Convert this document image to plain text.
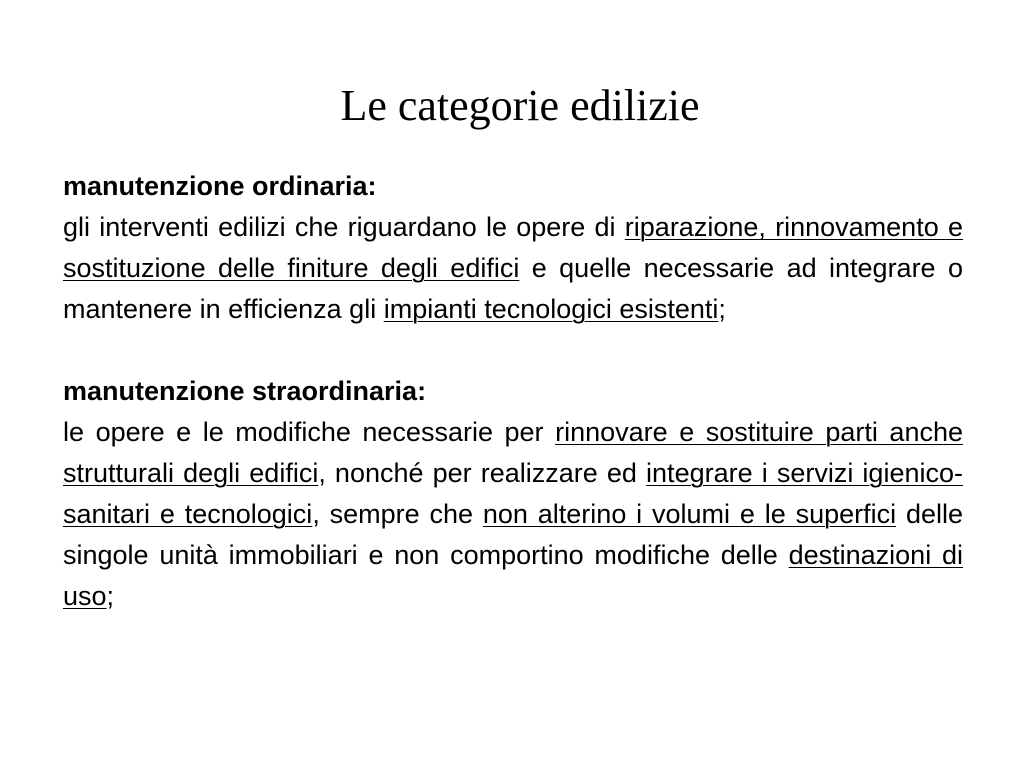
Le categorie edilizie

manutenzione ordinaria:

gli interventi edilizi che riguardano le opere di riparazione, rinnovamento e sostituzione delle finiture degli edifici e quelle necessarie ad integrare o mantenere in efficienza gli impianti tecnologici esistenti;

manutenzione straordinaria:

le opere e le modifiche necessarie per rinnovare e sostituire parti anche strutturali degli edifici, nonché per realizzare ed integrare i servizi igienico-sanitari e tecnologici, sempre che non alterino i volumi e le superfici delle singole unità immobiliari e non comportino modifiche delle destinazioni di uso;
